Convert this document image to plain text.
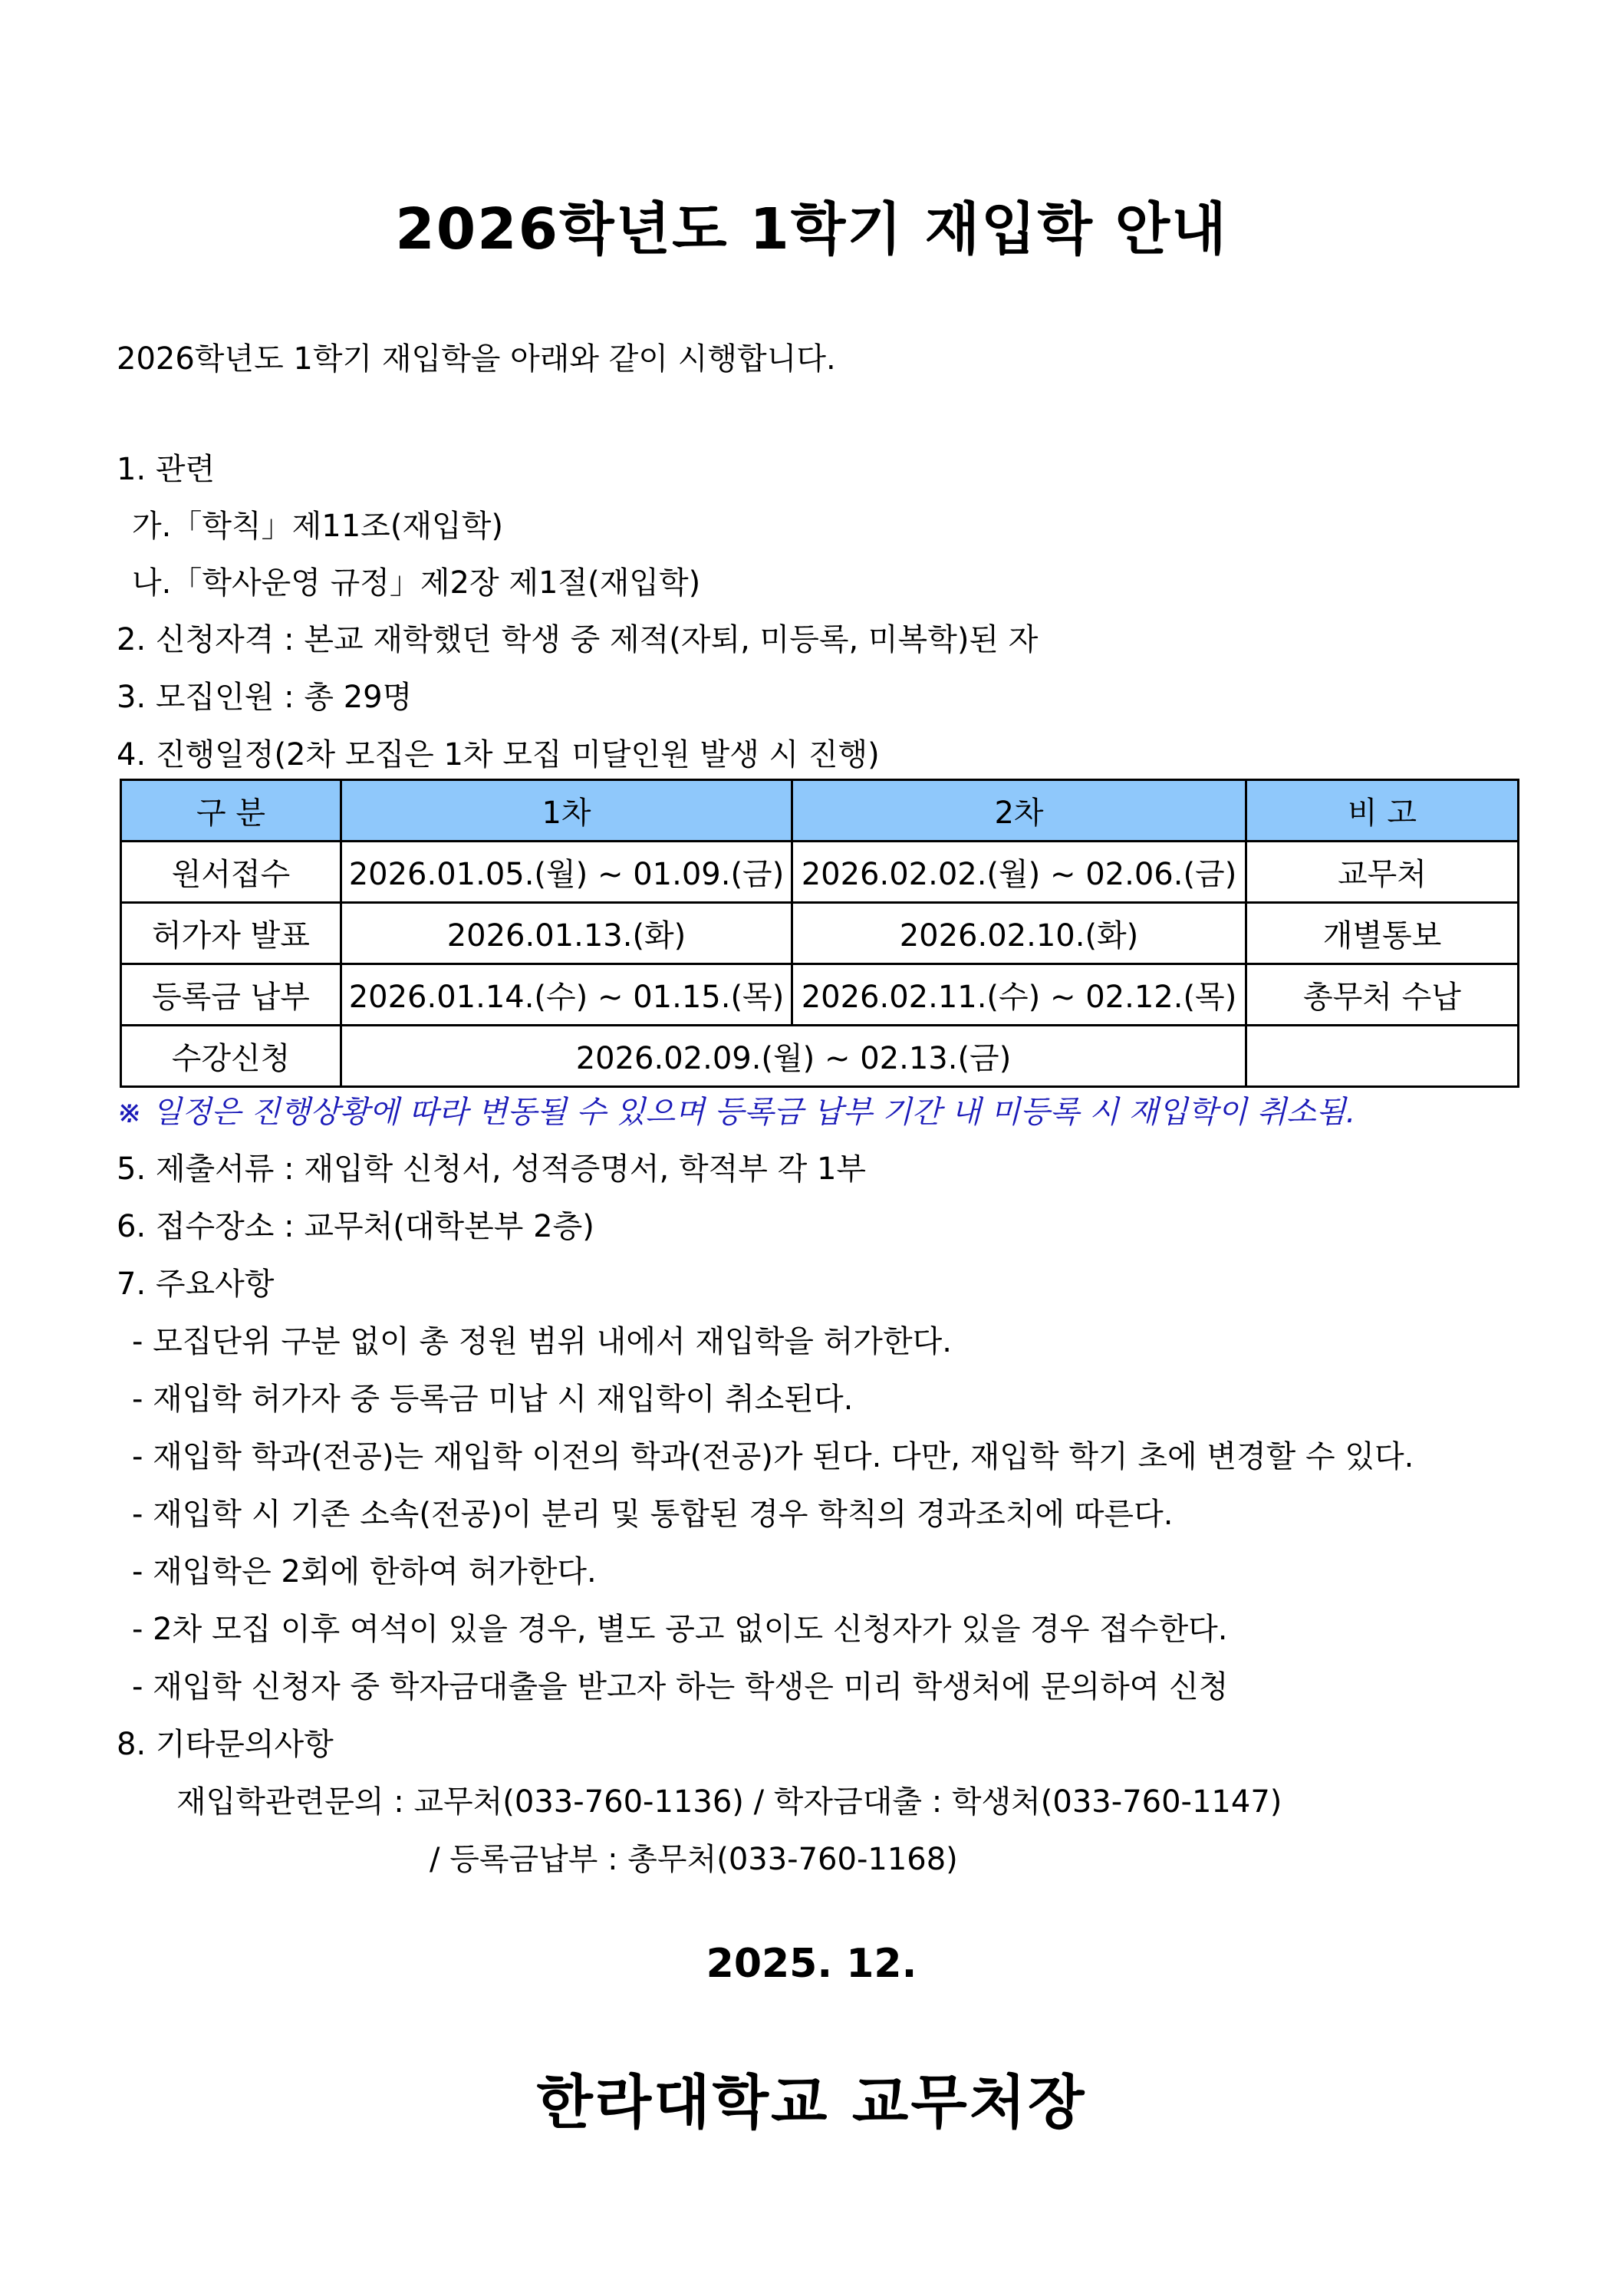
2026학년도 1학기 재입학 안내
2026학년도 1학기 재입학을 아래와 같이 시행합니다.
1. 관련
가.「학칙」제11조(재입학)
나.「학사운영 규정」제2장 제1절(재입학)
2. 신청자격 : 본교 재학했던 학생 중 제적(자퇴, 미등록, 미복학)된 자
3. 모집인원 : 총 29명
4. 진행일정(2차 모집은 1차 모집 미달인원 발생 시 진행)
구 분	1차	2차	비 고
원서접수	2026.01.05.(월) ~ 01.09.(금)	2026.02.02.(월) ~ 02.06.(금)	교무처
허가자 발표	2026.01.13.(화)	2026.02.10.(화)	개별통보
등록금 납부	2026.01.14.(수) ~ 01.15.(목)	2026.02.11.(수) ~ 02.12.(목)	총무처 수납
수강신청	2026.02.09.(월) ~ 02.13.(금)		
※ 일정은 진행상황에 따라 변동될 수 있으며 등록금 납부 기간 내 미등록 시 재입학이 취소됨.
5. 제출서류 : 재입학 신청서, 성적증명서, 학적부 각 1부
6. 접수장소 : 교무처(대학본부 2층)
7. 주요사항
- 모집단위 구분 없이 총 정원 범위 내에서 재입학을 허가한다.
- 재입학 허가자 중 등록금 미납 시 재입학이 취소된다.
- 재입학 학과(전공)는 재입학 이전의 학과(전공)가 된다. 다만, 재입학 학기 초에 변경할 수 있다.
- 재입학 시 기존 소속(전공)이 분리 및 통합된 경우 학칙의 경과조치에 따른다.
- 재입학은 2회에 한하여 허가한다.
- 2차 모집 이후 여석이 있을 경우, 별도 공고 없이도 신청자가 있을 경우 접수한다.
- 재입학 신청자 중 학자금대출을 받고자 하는 학생은 미리 학생처에 문의하여 신청
8. 기타문의사항
재입학관련문의 : 교무처(033-760-1136) / 학자금대출 : 학생처(033-760-1147)
/ 등록금납부 : 총무처(033-760-1168)
2025. 12.
한라대학교 교무처장
